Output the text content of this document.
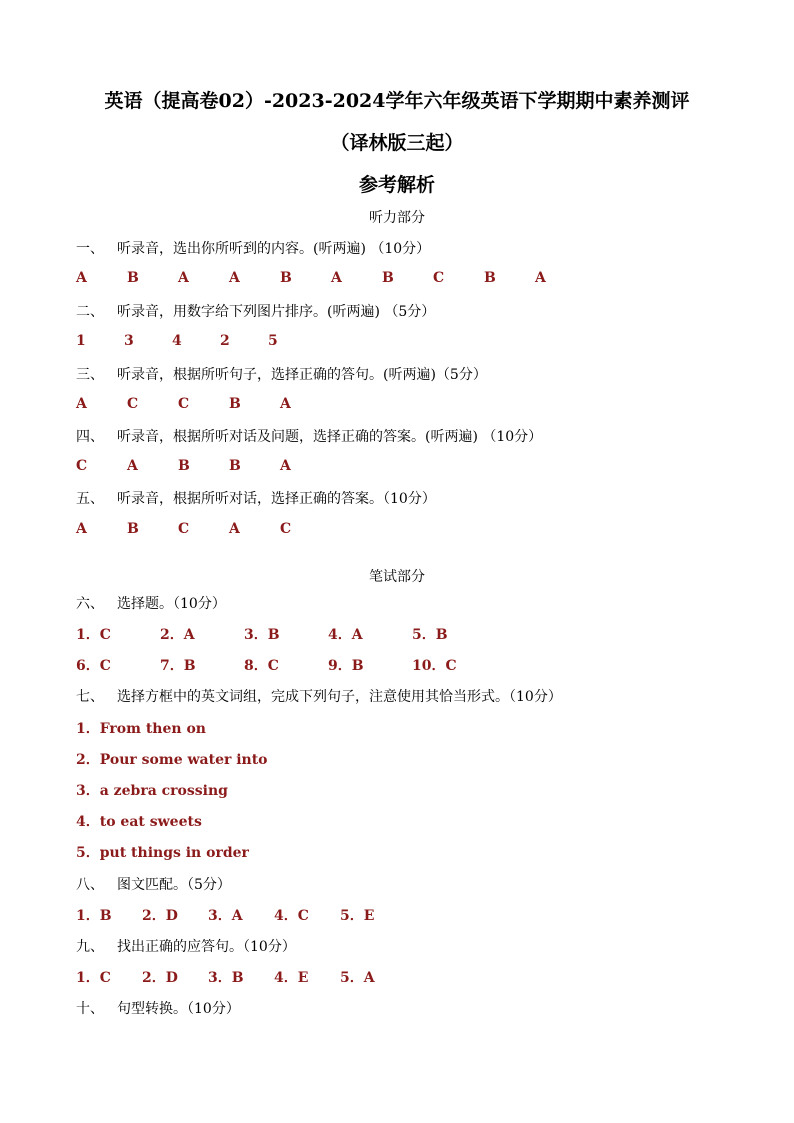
英语（提高卷02）-2023-2024学年六年级英语下学期期中素养测评
（译林版三起）
参考解析
听力部分
一、 听录音，选出你所听到的内容。(听两遍) （10分）
A	B	A	A	B	A	B	C	B	A
二、 听录音，用数字给下列图片排序。(听两遍) （5分）
1	3	4	2	5
三、 听录音，根据所听句子，选择正确的答句。(听两遍)（5分）
A	C	C	B	A
四、 听录音，根据所听对话及问题，选择正确的答案。(听两遍) （10分）
C	A	B	B	A
五、 听录音，根据所听对话，选择正确的答案。（10分）
A	B	C	A	C
笔试部分
六、 选择题。（10分）
1．C	2．A	3．B	4．A	5．B
6．C	7．B	8．C	9．B	10．C
七、 选择方框中的英文词组，完成下列句子，注意使用其恰当形式。（10分）
1．From then on
2．Pour some water into
3．a zebra crossing
4．to eat sweets
5．put things in order
八、 图文匹配。（5分）
1．B 2．D 3．A 4．C 5．E
九、 找出正确的应答句。（10分）
1．C 2．D 3．B 4．E 5．A
十、 句型转换。（10分）
